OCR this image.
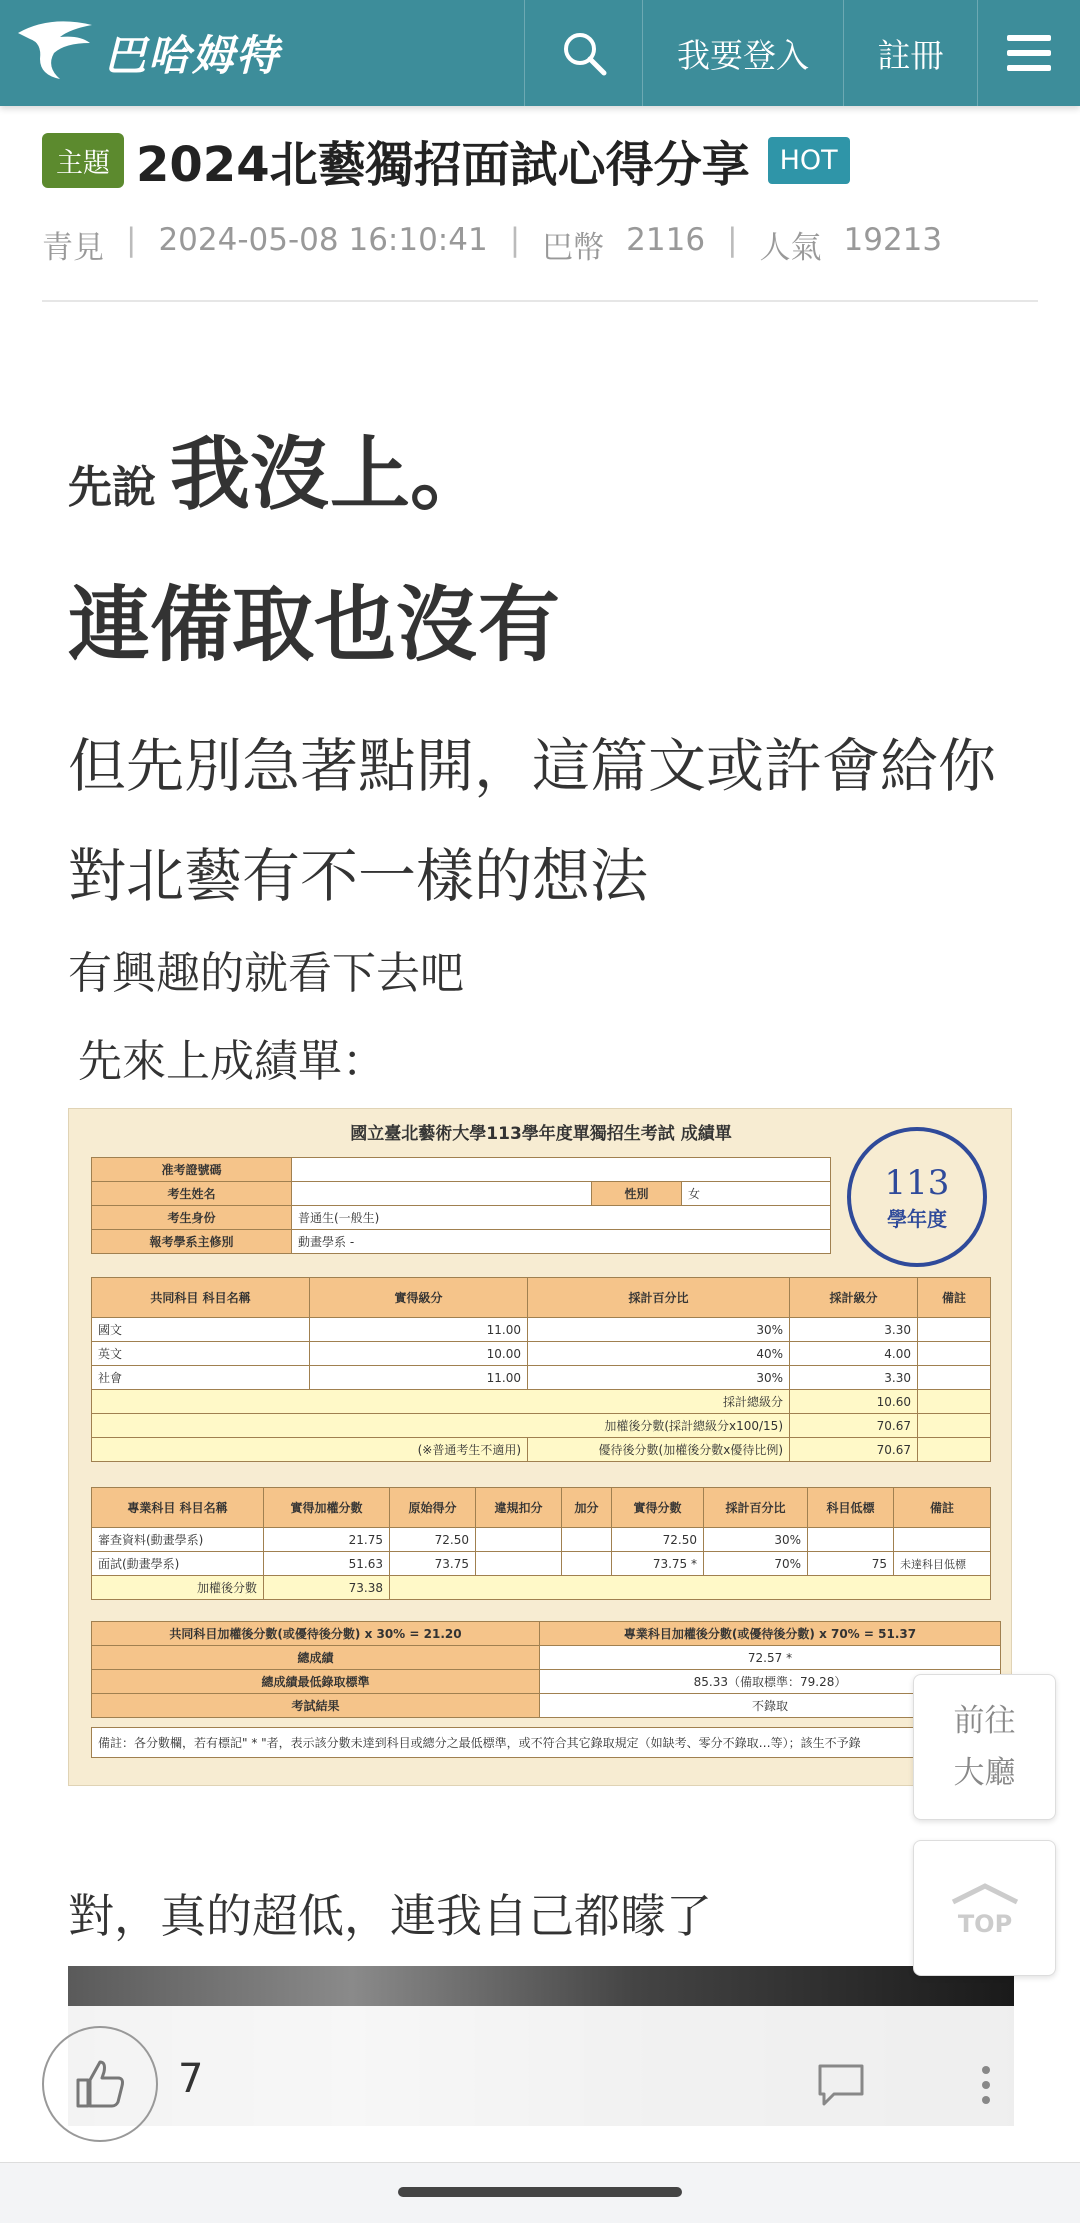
巴哈姆特	我要登入	註冊
主題 2024北藝獨招面試心得分享	HOT
青見 | 2024-05-08 16:10:41 | 巴幣 2116 | 人氣 19213
先說 我沒上。
連備取也沒有
但先別急著點開，這篇文或許會給你對北藝有不一樣的想法
有興趣的就看下去吧
先來上成績單：
國立臺北藝術大學113學年度單獨招生考試 成績單
113
學年度
准考證號碼			
考生姓名		性別	女
考生身份	普通生(一般生)		
報考學系主修別	動畫學系 -		
共同科目 科目名稱	實得級分	採計百分比	採計級分	備註
國文	11.00	30%	3.30	
英文	10.00	40%	4.00	
社會	11.00	30%	3.30	
採計總級分			10.60	
加權後分數(採計總級分x100/15)			70.67	
(※普通考生不適用)		優待後分數(加權後分數x優待比例)	70.67	
專業科目 科目名稱	實得加權分數	原始得分	違規扣分	加分	實得分數	採計百分比	科目低標	備註
審查資料(動畫學系)	21.75	72.50			72.50	30%		
面試(動畫學系)	51.63	73.75			73.75 *	70%	75	未達科目低標
加權後分數	73.38							
共同科目加權後分數(或優待後分數) x 30% = 21.20	專業科目加權後分數(或優待後分數) x 70% = 51.37
總成績	72.57 *
總成績最低錄取標準	85.33（備取標準：79.28）
考試結果	不錄取
備註：各分數欄，若有標記" * "者，表示該分數未達到科目或總分之最低標準，或不符合其它錄取規定（如缺考、零分不錄取…等）；該生不予錄
對，真的超低，連我自己都矇了
前往
大廳
TOP
7
